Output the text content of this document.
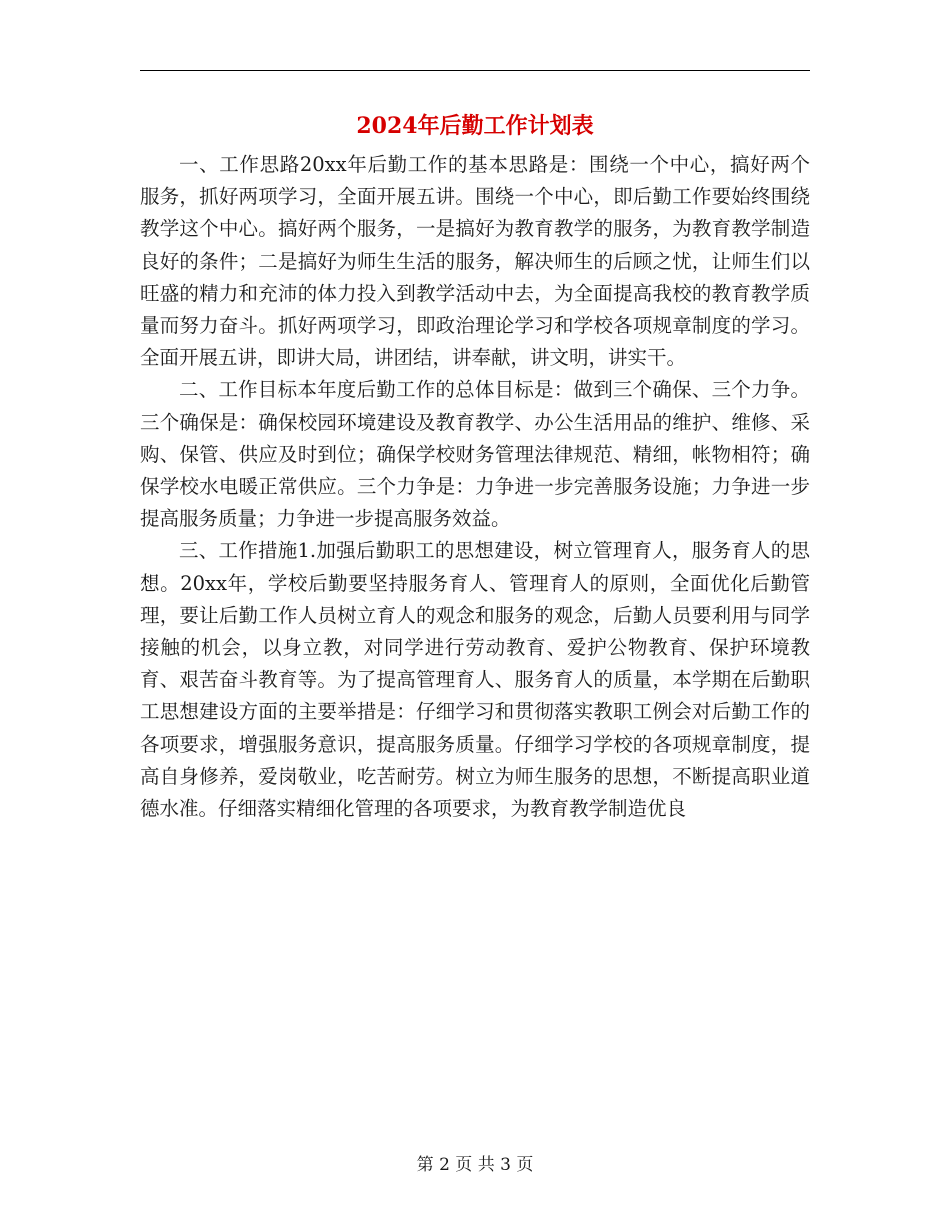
2024年后勤工作计划表

一、工作思路20xx年后勤工作的基本思路是：围绕一个中心，搞好两个服务，抓好两项学习，全面开展五讲。围绕一个中心，即后勤工作要始终围绕教学这个中心。搞好两个服务，一是搞好为教育教学的服务，为教育教学制造良好的条件；二是搞好为师生生活的服务，解决师生的后顾之忧，让师生们以旺盛的精力和充沛的体力投入到教学活动中去，为全面提高我校的教育教学质量而努力奋斗。抓好两项学习，即政治理论学习和学校各项规章制度的学习。全面开展五讲，即讲大局，讲团结，讲奉献，讲文明，讲实干。

二、工作目标本年度后勤工作的总体目标是：做到三个确保、三个力争。三个确保是：确保校园环境建设及教育教学、办公生活用品的维护、维修、采购、保管、供应及时到位；确保学校财务管理法律规范、精细，帐物相符；确保学校水电暖正常供应。三个力争是：力争进一步完善服务设施；力争进一步提高服务质量；力争进一步提高服务效益。

三、工作措施1.加强后勤职工的思想建设，树立管理育人，服务育人的思想。20xx年，学校后勤要坚持服务育人、管理育人的原则，全面优化后勤管理，要让后勤工作人员树立育人的观念和服务的观念，后勤人员要利用与同学接触的机会，以身立教，对同学进行劳动教育、爱护公物教育、保护环境教育、艰苦奋斗教育等。为了提高管理育人、服务育人的质量，本学期在后勤职工思想建设方面的主要举措是：仔细学习和贯彻落实教职工例会对后勤工作的各项要求，增强服务意识，提高服务质量。仔细学习学校的各项规章制度，提高自身修养，爱岗敬业，吃苦耐劳。树立为师生服务的思想，不断提高职业道德水准。仔细落实精细化管理的各项要求，为教育教学制造优良

第 2 页 共 3 页
